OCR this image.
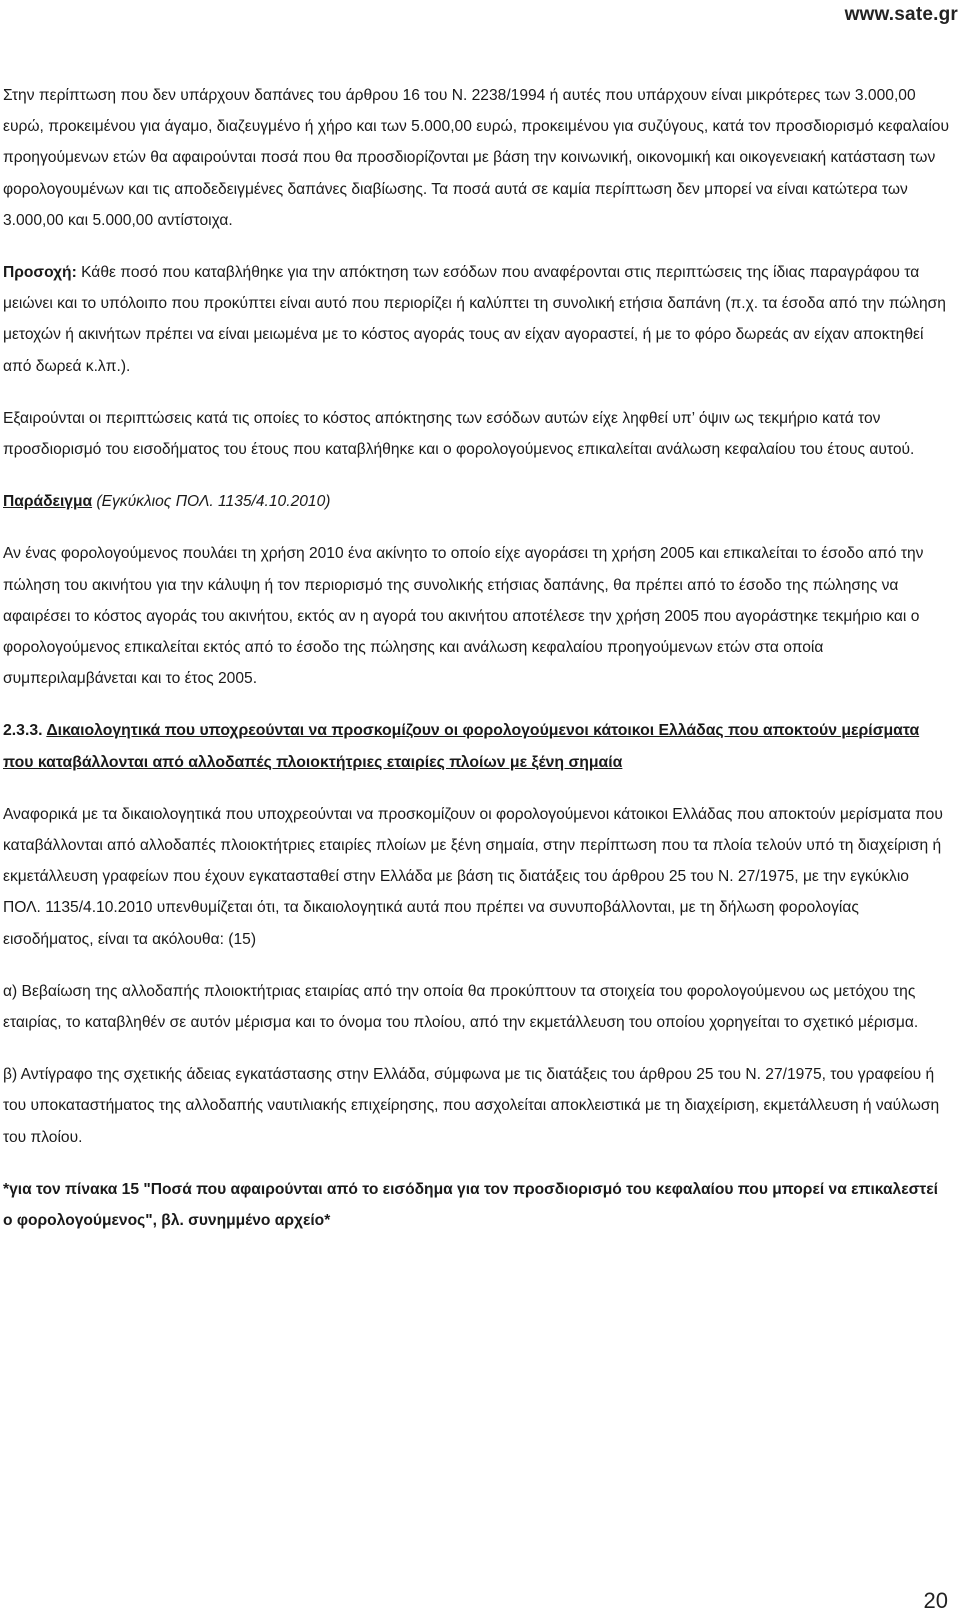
www.sate.gr

Στην περίπτωση που δεν υπάρχουν δαπάνες του άρθρου 16 του Ν. 2238/1994 ή αυτές που υπάρχουν είναι μικρότερες των 3.000,00 ευρώ, προκειμένου για άγαμο, διαζευγμένο ή χήρο και των 5.000,00 ευρώ, προκειμένου για συζύγους, κατά τον προσδιορισμό κεφαλαίου προηγούμενων ετών θα αφαιρούνται ποσά που θα προσδιορίζονται με βάση την κοινωνική, οικονομική και οικογενειακή κατάσταση των φορολογουμένων και τις αποδεδειγμένες δαπάνες διαβίωσης. Τα ποσά αυτά σε καμία περίπτωση δεν μπορεί να είναι κατώτερα των 3.000,00 και 5.000,00 αντίστοιχα.

Προσοχή: Κάθε ποσό που καταβλήθηκε για την απόκτηση των εσόδων που αναφέρονται στις περιπτώσεις της ίδιας παραγράφου τα μειώνει και το υπόλοιπο που προκύπτει είναι αυτό που περιορίζει ή καλύπτει τη συνολική ετήσια δαπάνη (π.χ. τα έσοδα από την πώληση μετοχών ή ακινήτων πρέπει να είναι μειωμένα με το κόστος αγοράς τους αν είχαν αγοραστεί, ή με το φόρο δωρεάς αν είχαν αποκτηθεί από δωρεά κ.λπ.).

Εξαιρούνται οι περιπτώσεις κατά τις οποίες το κόστος απόκτησης των εσόδων αυτών είχε ληφθεί υπ’ όψιν ως τεκμήριο κατά τον προσδιορισμό του εισοδήματος του έτους που καταβλήθηκε και ο φορολογούμενος επικαλείται ανάλωση κεφαλαίου του έτους αυτού.

Παράδειγμα (Εγκύκλιος ΠΟΛ. 1135/4.10.2010)

Αν ένας φορολογούμενος πουλάει τη χρήση 2010 ένα ακίνητο το οποίο είχε αγοράσει τη χρήση 2005 και επικαλείται το έσοδο από την πώληση του ακινήτου για την κάλυψη ή τον περιορισμό της συνολικής ετήσιας δαπάνης, θα πρέπει από το έσοδο της πώλησης να αφαιρέσει το κόστος αγοράς του ακινήτου, εκτός αν η αγορά του ακινήτου αποτέλεσε την χρήση 2005 που αγοράστηκε τεκμήριο και ο φορολογούμενος επικαλείται εκτός από το έσοδο της πώλησης και ανάλωση κεφαλαίου προηγούμενων ετών στα οποία συμπεριλαμβάνεται και το έτος 2005.

2.3.3. Δικαιολογητικά που υποχρεούνται να προσκομίζουν οι φορολογούμενοι κάτοικοι Ελλάδας που αποκτούν μερίσματα που καταβάλλονται από αλλοδαπές πλοιοκτήτριες εταιρίες πλοίων με ξένη σημαία

Αναφορικά με τα δικαιολογητικά που υποχρεούνται να προσκομίζουν οι φορολογούμενοι κάτοικοι Ελλάδας που αποκτούν μερίσματα που καταβάλλονται από αλλοδαπές πλοιοκτήτριες εταιρίες πλοίων με ξένη σημαία, στην περίπτωση που τα πλοία τελούν υπό τη διαχείριση ή εκμετάλλευση γραφείων που έχουν εγκατασταθεί στην Ελλάδα με βάση τις διατάξεις του άρθρου 25 του Ν. 27/1975, με την εγκύκλιο ΠΟΛ. 1135/4.10.2010 υπενθυμίζεται ότι, τα δικαιολογητικά αυτά που πρέπει να συνυποβάλλονται, με τη δήλωση φορολογίας εισοδήματος, είναι τα ακόλουθα: (15)

α) Βεβαίωση της αλλοδαπής πλοιοκτήτριας εταιρίας από την οποία θα προκύπτουν τα στοιχεία του φορολογούμενου ως μετόχου της εταιρίας, το καταβληθέν σε αυτόν μέρισμα και το όνομα του πλοίου, από την εκμετάλλευση του οποίου χορηγείται το σχετικό μέρισμα.

β) Αντίγραφο της σχετικής άδειας εγκατάστασης στην Ελλάδα, σύμφωνα με τις διατάξεις του άρθρου 25 του Ν. 27/1975, του γραφείου ή του υποκαταστήματος της αλλοδαπής ναυτιλιακής επιχείρησης, που ασχολείται αποκλειστικά με τη διαχείριση, εκμετάλλευση ή ναύλωση του πλοίου.

*για τον πίνακα 15 "Ποσά που αφαιρούνται από το εισόδημα για τον προσδιορισμό του κεφαλαίου που μπορεί να επικαλεστεί ο φορολογούμενος", βλ. συνημμένο αρχείο*

20
